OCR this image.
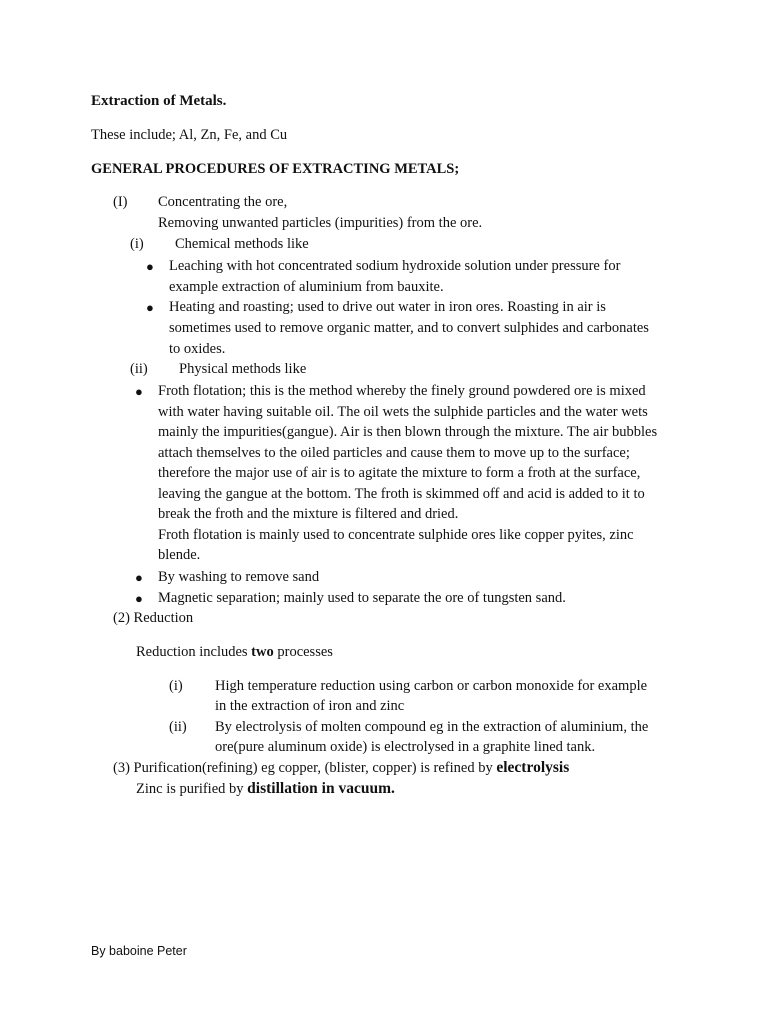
Extraction of Metals.
These include; Al, Zn, Fe, and Cu
GENERAL PROCEDURES OF EXTRACTING METALS;
(I) Concentrating the ore,
Removing unwanted particles (impurities) from the ore.
(i) Chemical methods like
● Leaching with hot concentrated sodium hydroxide solution under pressure for
example extraction of aluminium from bauxite.
● Heating and roasting; used to drive out water in iron ores. Roasting in air is
sometimes used to remove organic matter, and to convert sulphides and carbonates
to oxides.
(ii) Physical methods like
● Froth flotation; this is the method whereby the finely ground powdered ore is mixed
with water having suitable oil. The oil wets the sulphide particles and the water wets
mainly the impurities(gangue). Air is then blown through the mixture. The air bubbles
attach themselves to the oiled particles and cause them to move up to the surface;
therefore the major use of air is to agitate the mixture to form a froth at the surface,
leaving the gangue at the bottom. The froth is skimmed off and acid is added to it to
break the froth and the mixture is filtered and dried.
Froth flotation is mainly used to concentrate sulphide ores like copper pyites, zinc
blende.
● By washing to remove sand
● Magnetic separation; mainly used to separate the ore of tungsten sand.
(2) Reduction
Reduction includes two processes
(i) High temperature reduction using carbon or carbon monoxide for example
in the extraction of iron and zinc
(ii) By electrolysis of molten compound eg in the extraction of aluminium, the
ore(pure aluminum oxide) is electrolysed in a graphite lined tank.
(3) Purification(refining) eg copper, (blister, copper) is refined by electrolysis
Zinc is purified by distillation in vacuum.
By baboine Peter
